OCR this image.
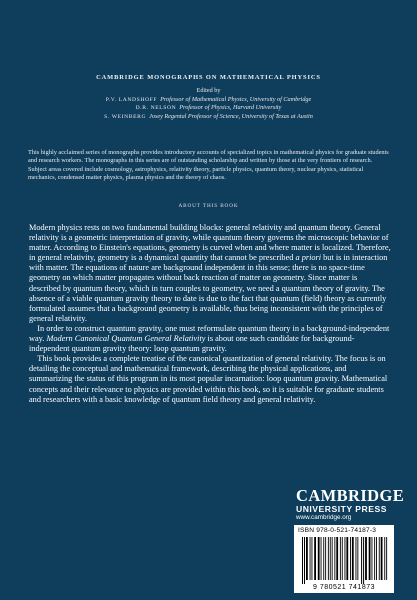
CAMBRIDGE MONOGRAPHS ON MATHEMATICAL PHYSICS
Edited by
P.V. LANDSHOFF Professor of Mathematical Physics, University of Cambridge
D.R. NELSON Professor of Physics, Harvard University
S. WEINBERG Josey Regental Professor of Science, University of Texas at Austin

This highly acclaimed series of monographs provides introductory accounts of specialized topics in mathematical physics for graduate students and research workers. The monographs in this series are of outstanding scholarship and written by those at the very frontiers of research. Subject areas covered include cosmology, astrophysics, relativity theory, particle physics, quantum theory, nuclear physics, statistical mechanics, condensed matter physics, plasma physics and the theory of chaos.

ABOUT THIS BOOK

Modern physics rests on two fundamental building blocks: general relativity and quantum theory. General relativity is a geometric interpretation of gravity, while quantum theory governs the microscopic behavior of matter. According to Einstein's equations, geometry is curved when and where matter is localized. Therefore, in general relativity, geometry is a dynamical quantity that cannot be prescribed a priori but is in interaction with matter. The equations of nature are background independent in this sense; there is no space-time geometry on which matter propagates without back reaction of matter on geometry. Since matter is described by quantum theory, which in turn couples to geometry, we need a quantum theory of gravity. The absence of a viable quantum gravity theory to date is due to the fact that quantum (field) theory as currently formulated assumes that a background geometry is available, thus being inconsistent with the principles of general relativity.

In order to construct quantum gravity, one must reformulate quantum theory in a background-independent way. Modern Canonical Quantum General Relativity is about one such candidate for background-independent quantum gravity theory: loop quantum gravity.

This book provides a complete treatise of the canonical quantization of general relativity. The focus is on detailing the conceptual and mathematical framework, describing the physical applications, and summarizing the status of this program in its most popular incarnation: loop quantum gravity. Mathematical concepts and their relevance to physics are provided within this book, so it is suitable for graduate students and researchers with a basic knowledge of quantum field theory and general relativity.

CAMBRIDGE
UNIVERSITY PRESS
www.cambridge.org
ISBN 978-0-521-74187-3
9 780521 741873
